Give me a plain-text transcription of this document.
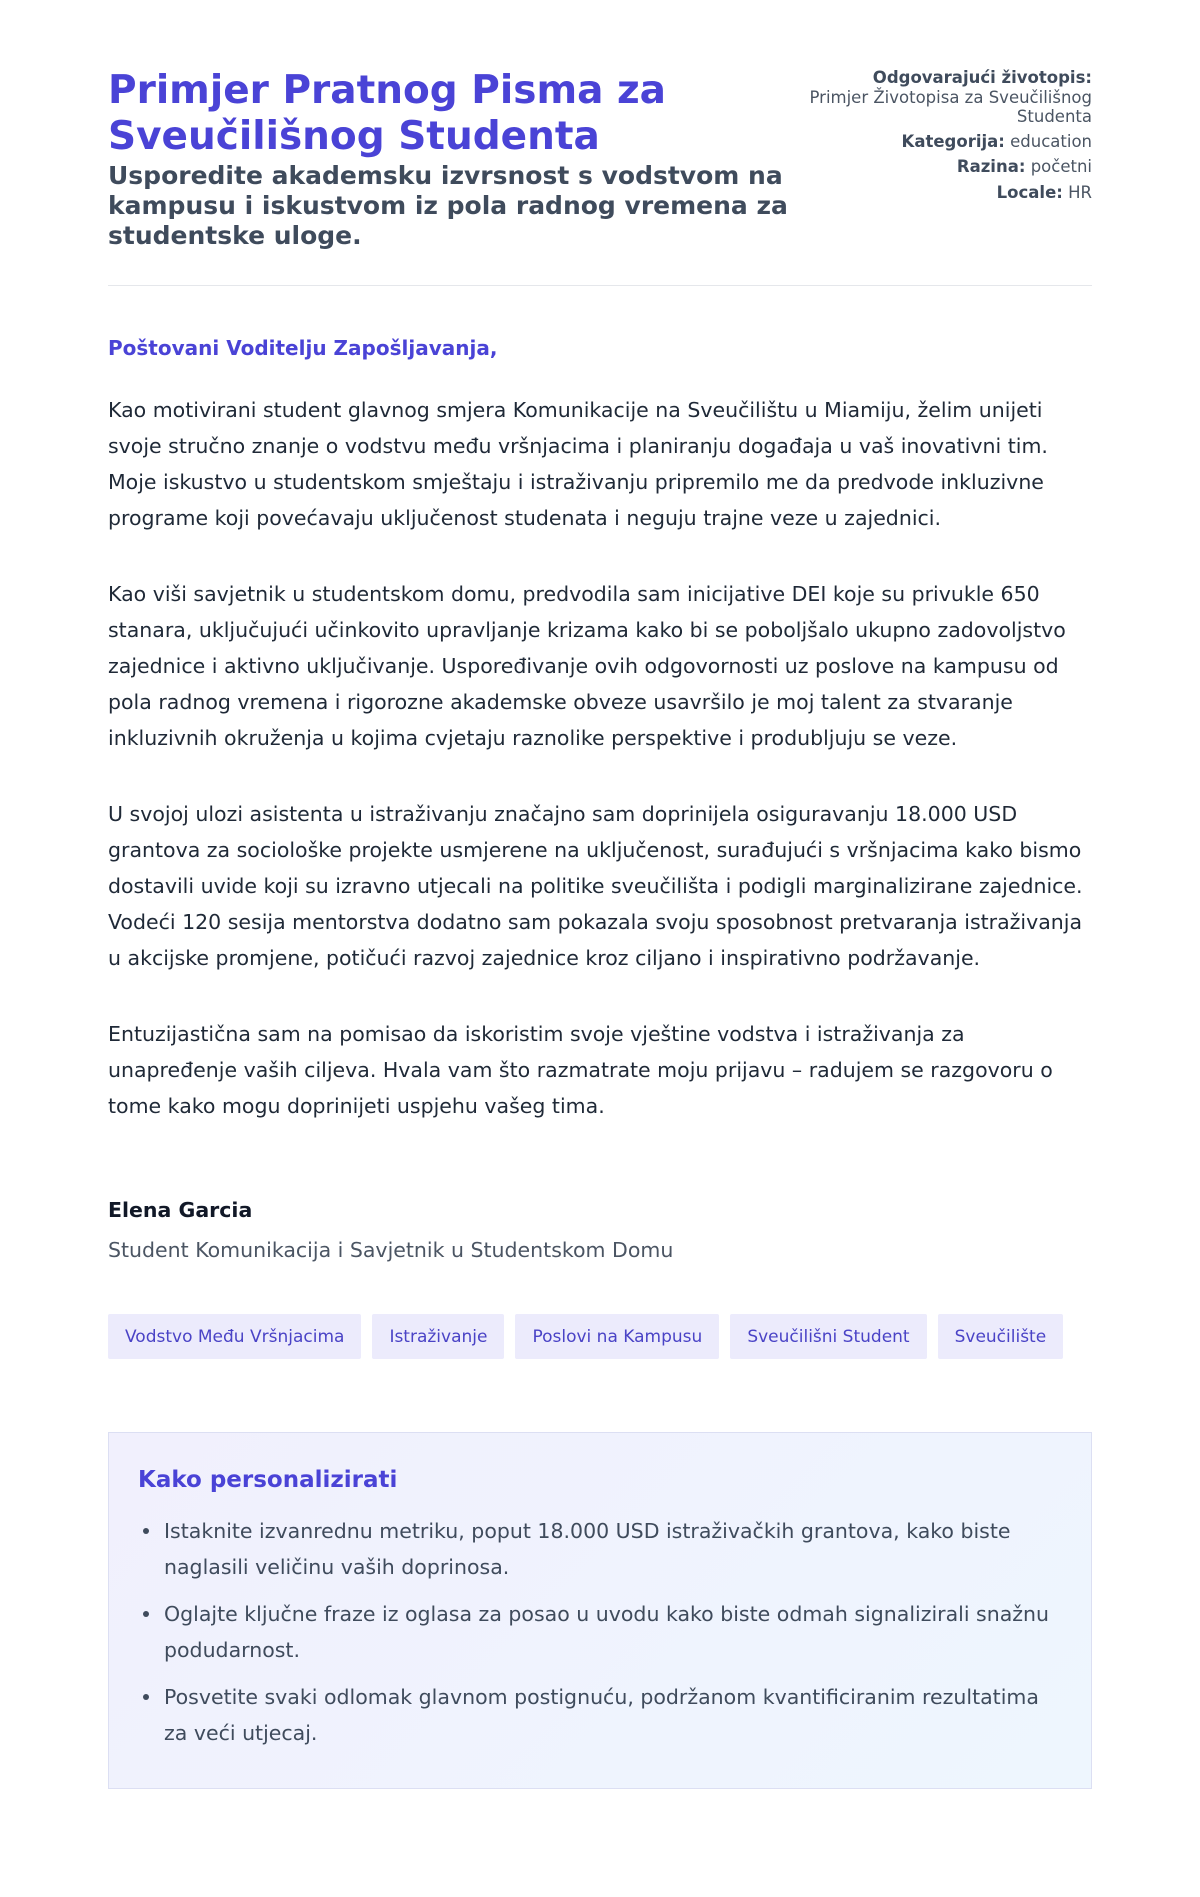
Primjer Pratnog Pisma za Sveučilišnog Studenta
Usporedite akademsku izvrsnost s vodstvom na kampusu i iskustvom iz pola radnog vremena za studentske uloge.
Odgovarajući životopis:
Primjer Životopisa za Sveučilišnog Studenta
Kategorija: education
Razina: početni
Locale: HR

Poštovani Voditelju Zapošljavanja,

Kao motivirani student glavnog smjera Komunikacije na Sveučilištu u Miamiju, želim unijeti svoje stručno znanje o vodstvu među vršnjacima i planiranju događaja u vaš inovativni tim. Moje iskustvo u studentskom smještaju i istraživanju pripremilo me da predvode inkluzivne programe koji povećavaju uključenost studenata i neguju trajne veze u zajednici.

Kao viši savjetnik u studentskom domu, predvodila sam inicijative DEI koje su privukle 650 stanara, uključujući učinkovito upravljanje krizama kako bi se poboljšalo ukupno zadovoljstvo zajednice i aktivno uključivanje. Uspoređivanje ovih odgovornosti uz poslove na kampusu od pola radnog vremena i rigorozne akademske obveze usavršilo je moj talent za stvaranje inkluzivnih okruženja u kojima cvjetaju raznolike perspektive i produbljuju se veze.

U svojoj ulozi asistenta u istraživanju značajno sam doprinijela osiguravanju 18.000 USD grantova za sociološke projekte usmjerene na uključenost, surađujući s vršnjacima kako bismo dostavili uvide koji su izravno utjecali na politike sveučilišta i podigli marginalizirane zajednice. Vodeći 120 sesija mentorstva dodatno sam pokazala svoju sposobnost pretvaranja istraživanja u akcijske promjene, potičući razvoj zajednice kroz ciljano i inspirativno podržavanje.

Entuzijastična sam na pomisao da iskoristim svoje vještine vodstva i istraživanja za unapređenje vaših ciljeva. Hvala vam što razmatrate moju prijavu – radujem se razgovoru o tome kako mogu doprinijeti uspjehu vašeg tima.

Elena Garcia

Student Komunikacija i Savjetnik u Studentskom Domu

Vodstvo Među Vršnjacima	Istraživanje	Poslovi na Kampusu	Sveučilišni Student	Sveučilište
Kako personalizirati
Istaknite izvanrednu metriku, poput 18.000 USD istraživačkih grantova, kako biste naglasili veličinu vaših doprinosa.
Oglajte ključne fraze iz oglasa za posao u uvodu kako biste odmah signalizirali snažnu podudarnost.
Posvetite svaki odlomak glavnom postignuću, podržanom kvantificiranim rezultatima za veći utjecaj.
